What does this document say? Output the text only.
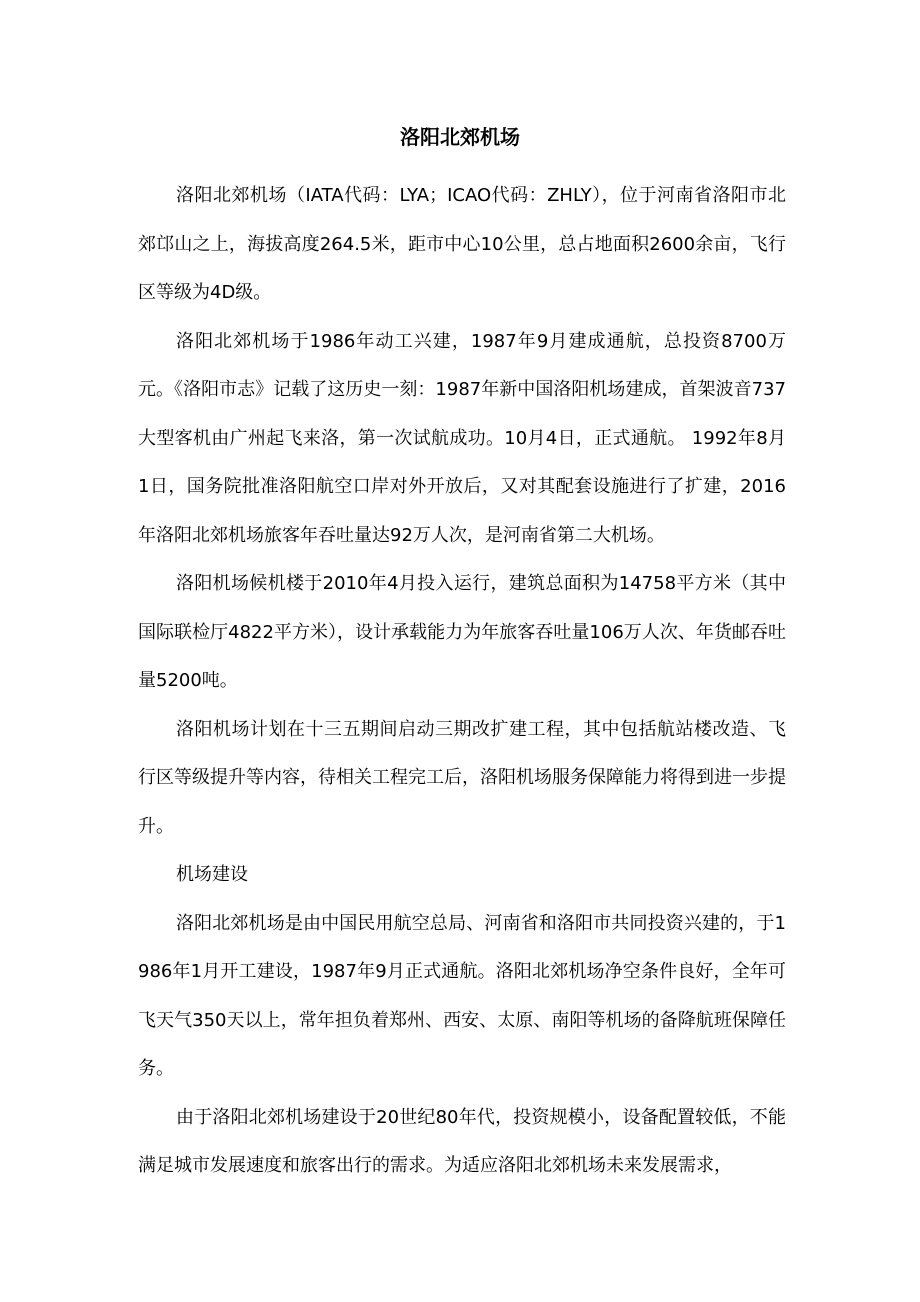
洛阳北郊机场

洛阳北郊机场（IATA代码：LYA；ICAO代码：ZHLY），位于河南省洛阳市北郊邙山之上，海拔高度264.5米，距市中心10公里，总占地面积2600余亩，飞行区等级为4D级。

洛阳北郊机场于1986年动工兴建，1987年9月建成通航，总投资8700万元。《洛阳市志》记载了这历史一刻：1987年新中国洛阳机场建成，首架波音737大型客机由广州起飞来洛，第一次试航成功。10月4日，正式通航。 1992年8月1日，国务院批准洛阳航空口岸对外开放后，又对其配套设施进行了扩建，2016年洛阳北郊机场旅客年吞吐量达92万人次，是河南省第二大机场。

洛阳机场候机楼于2010年4月投入运行，建筑总面积为14758平方米（其中国际联检厅4822平方米），设计承载能力为年旅客吞吐量106万人次、年货邮吞吐量5200吨。

洛阳机场计划在十三五期间启动三期改扩建工程，其中包括航站楼改造、飞行区等级提升等内容，待相关工程完工后，洛阳机场服务保障能力将得到进一步提升。

机场建设

洛阳北郊机场是由中国民用航空总局、河南省和洛阳市共同投资兴建的，于1986年1月开工建设，1987年9月正式通航。洛阳北郊机场净空条件良好，全年可飞天气350天以上，常年担负着郑州、西安、太原、南阳等机场的备降航班保障任务。

由于洛阳北郊机场建设于20世纪80年代，投资规模小，设备配置较低，不能满足城市发展速度和旅客出行的需求。为适应洛阳北郊机场未来发展需求，
